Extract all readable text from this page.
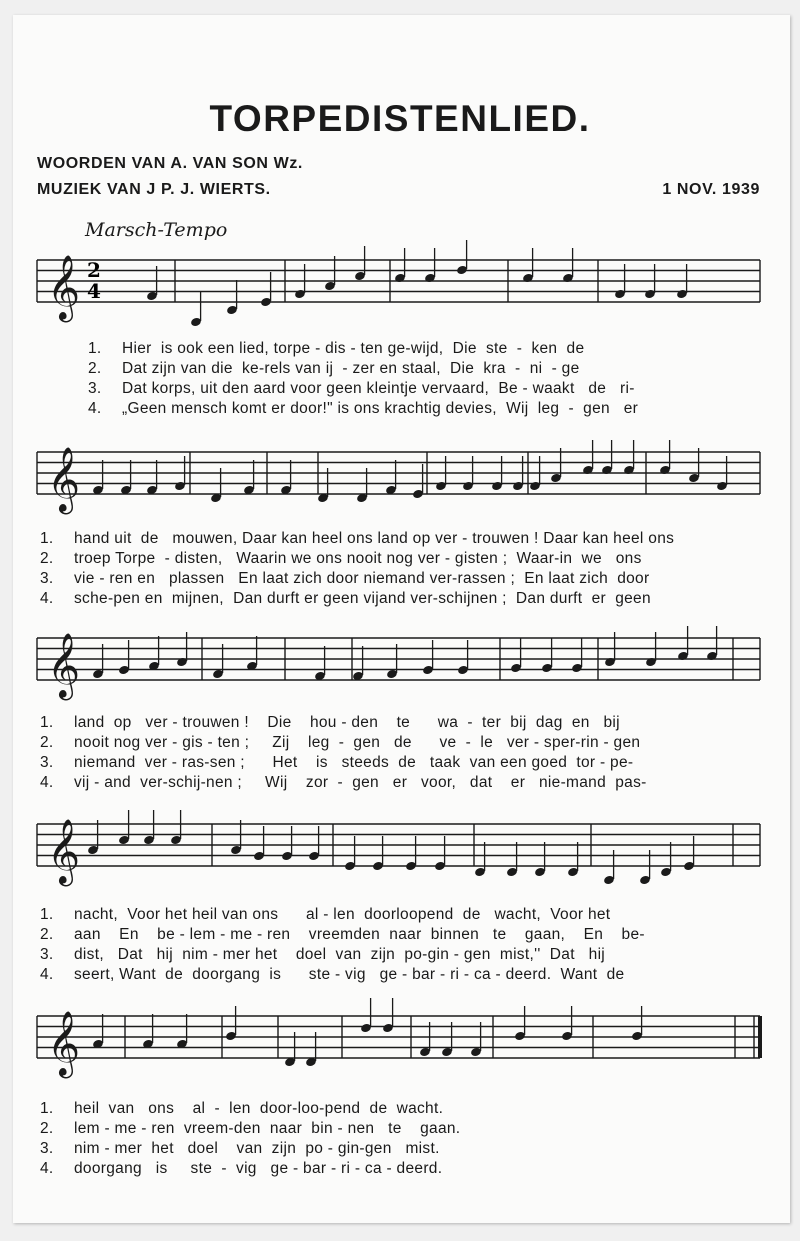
TORPEDISTENLIED.
WOORDEN VAN A. VAN SON Wz.
MUZIEK VAN J P. J. WIERTS.	1 NOV. 1939
Marsch-Tempo
𝄞
𝄞
𝄞
𝄞
𝄞
2
4
1. Hier  is ook een lied, torpe - dis - ten ge-wijd,  Die  ste  -  ken  de
2. Dat zijn van die  ke-rels van ij  - zer en staal,  Die  kra  -  ni  - ge
3. Dat korps, uit den aard voor geen kleintje vervaard,  Be - waakt   de   ri-
4. „Geen mensch komt er door!" is ons krachtig devies,  Wij  leg  -  gen   er
1. hand uit  de   mouwen, Daar kan heel ons land op ver - trouwen ! Daar kan heel ons
2. troep Torpe  - disten,   Waarin we ons nooit nog ver - gisten ;  Waar-in  we   ons
3. vie - ren en   plassen   En laat zich door niemand ver-rassen ;  En laat zich  door
4. sche-pen en  mijnen,  Dan durft er geen vijand ver-schijnen ;  Dan durft  er  geen
1. land  op   ver - trouwen !    Die    hou - den    te      wa  -  ter  bij  dag  en   bij
2. nooit nog ver - gis - ten ;     Zij    leg  -  gen   de      ve  -  le   ver - sper-rin - gen
3. niemand  ver - ras-sen ;      Het    is   steeds  de   taak  van een goed  tor - pe-
4. vij - and  ver-schij-nen ;     Wij    zor  -  gen   er   voor,   dat    er   nie-mand  pas-
1. nacht,  Voor het heil van ons      al - len  doorloopend  de   wacht,  Voor het
2. aan    En    be - lem - me - ren    vreemden  naar  binnen   te    gaan,    En    be-
3. dist,   Dat   hij  nim - mer het    doel  van  zijn  po-gin - gen  mist,''  Dat   hij
4. seert, Want  de  doorgang  is      ste - vig   ge - bar - ri - ca - deerd.  Want  de
1. heil  van   ons    al  -  len  door-loo-pend  de  wacht.
2. lem - me - ren  vreem-den  naar  bin - nen   te    gaan.
3. nim - mer  het   doel    van  zijn  po - gin-gen   mist.
4. doorgang   is     ste  -  vig   ge - bar - ri - ca - deerd.
